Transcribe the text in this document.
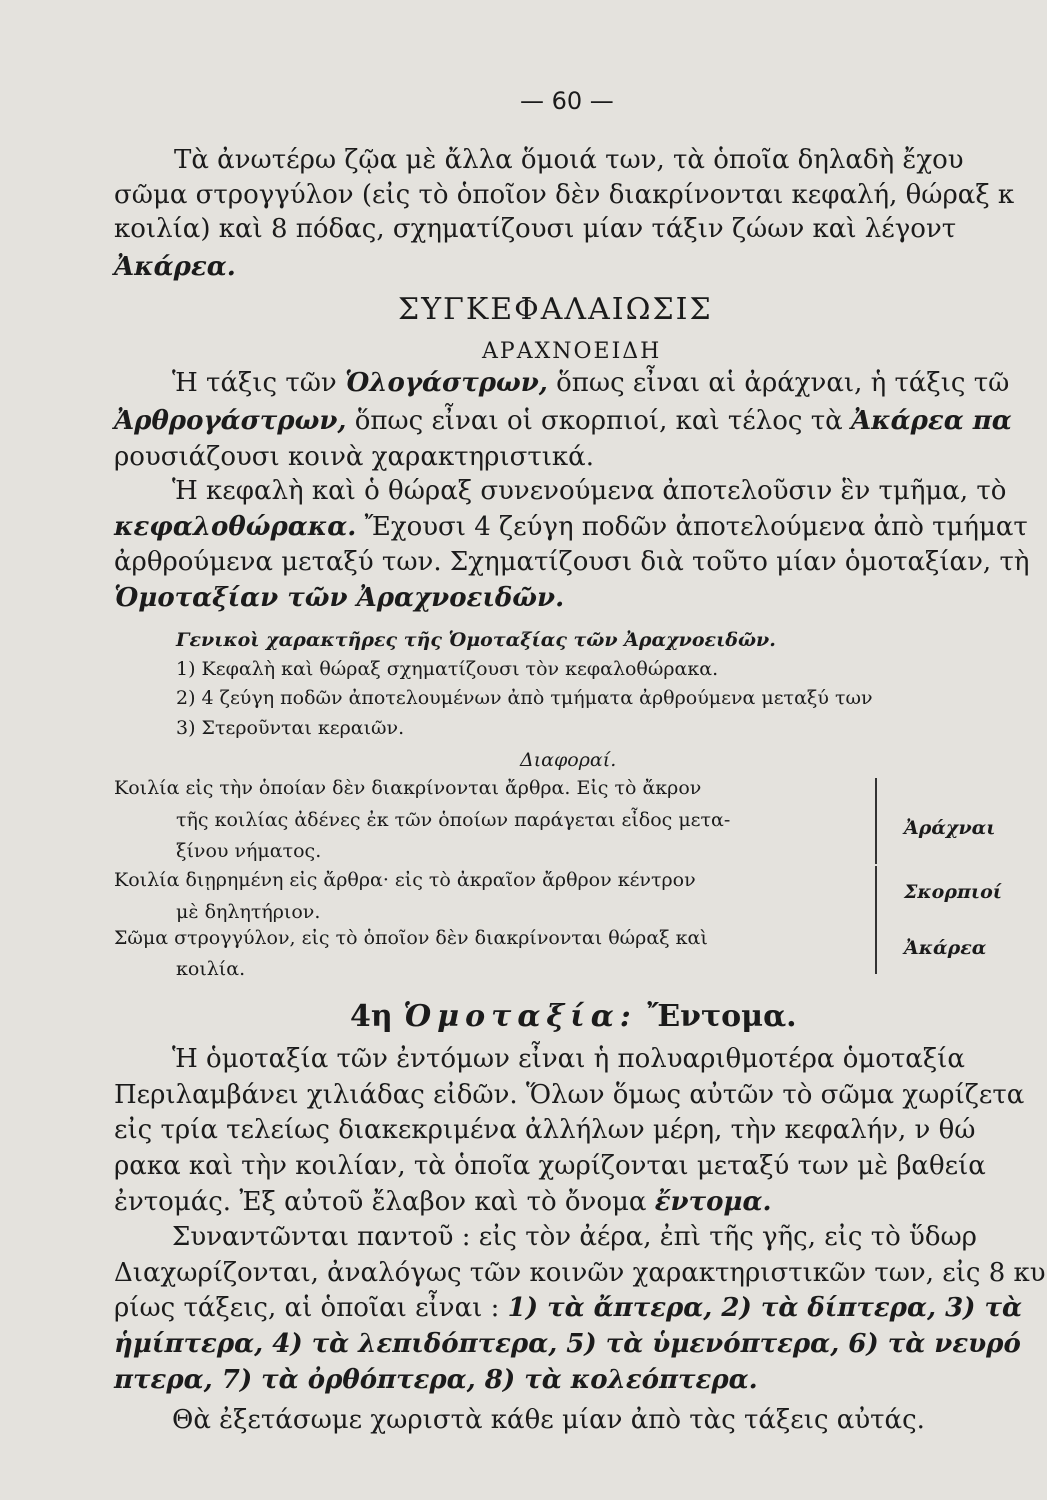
— 60 —
Τὰ ἀνωτέρω ζῷα μὲ ἄλλα ὅμοιά των, τὰ ὁποῖα δηλαδὴ ἔχου
σῶμα στρογγύλον (εἰς τὸ ὁποῖον δὲν διακρίνονται κεφαλή, θώραξ κ
κοιλία) καὶ 8 πόδας, σχηματίζουσι μίαν τάξιν ζώων καὶ λέγοντ
Ἀκάρεα.
ΣΥΓΚΕΦΑΛΑΙΩΣΙΣ
ΑΡΑΧΝΟΕΙΔΗ
Ἡ τάξις τῶν Ὁλογάστρων, ὅπως εἶναι αἱ ἀράχναι, ἡ τάξις τῶ
Ἀρθρογάστρων, ὅπως εἶναι οἱ σκορπιοί, καὶ τέλος τὰ Ἀκάρεα πα
ρουσιάζουσι κοινὰ χαρακτηριστικά.
Ἡ κεφαλὴ καὶ ὁ θώραξ συνενούμενα ἀποτελοῦσιν ἓν τμῆμα, τὸ
κεφαλοθώρακα. Ἔχουσι 4 ζεύγη ποδῶν ἀποτελούμενα ἀπὸ τμήματ
ἀρθρούμενα μεταξύ των. Σχηματίζουσι διὰ τοῦτο μίαν ὁμοταξίαν, τὴ
Ὁμοταξίαν τῶν Ἀραχνοειδῶν.
Γενικοὶ χαρακτῆρες τῆς Ὁμοταξίας τῶν Ἀραχνοειδῶν.
1) Κεφαλὴ καὶ θώραξ σχηματίζουσι τὸν κεφαλοθώρακα.
2) 4 ζεύγη ποδῶν ἀποτελουμένων ἀπὸ τμήματα ἀρθρούμενα μεταξύ των
3) Στεροῦνται κεραιῶν.
Διαφοραί.
Κοιλία εἰς τὴν ὁποίαν δὲν διακρίνονται ἄρθρα. Εἰς τὸ ἄκρον
τῆς κοιλίας ἀδένες ἐκ τῶν ὁποίων παράγεται εἶδος μετα-
ξίνου νήματος.
Ἀράχναι
Κοιλία διῃρημένη εἰς ἄρθρα· εἰς τὸ ἀκραῖον ἄρθρον κέντρον
μὲ δηλητήριον.
Σκορπιοί
Σῶμα στρογγύλον, εἰς τὸ ὁποῖον δὲν διακρίνονται θώραξ καὶ
κοιλία.
Ἀκάρεα
4η Ὁμοταξία: Ἔντομα.
Ἡ ὁμοταξία τῶν ἐντόμων εἶναι ἡ πολυαριθμοτέρα ὁμοταξία
Περιλαμβάνει χιλιάδας εἰδῶν. Ὅλων ὅμως αὐτῶν τὸ σῶμα χωρίζετα
εἰς τρία τελείως διακεκριμένα ἀλλήλων μέρη, τὴν κεφαλήν, ν θώ
ρακα καὶ τὴν κοιλίαν, τὰ ὁποῖα χωρίζονται μεταξύ των μὲ βαθεία
ἐντομάς. Ἐξ αὐτοῦ ἔλαβον καὶ τὸ ὄνομα ἔντομα.
Συναντῶνται παντοῦ : εἰς τὸν ἀέρα, ἐπὶ τῆς γῆς, εἰς τὸ ὕδωρ
Διαχωρίζονται, ἀναλόγως τῶν κοινῶν χαρακτηριστικῶν των, εἰς 8 κυ
ρίως τάξεις, αἱ ὁποῖαι εἶναι : 1) τὰ ἄπτερα, 2) τὰ δίπτερα, 3) τὰ
ἡμίπτερα, 4) τὰ λεπιδόπτερα, 5) τὰ ὑμενόπτερα, 6) τὰ νευρό
πτερα, 7) τὰ ὀρθόπτερα, 8) τὰ κολεόπτερα.
Θὰ ἐξετάσωμε χωριστὰ κάθε μίαν ἀπὸ τὰς τάξεις αὐτάς.
